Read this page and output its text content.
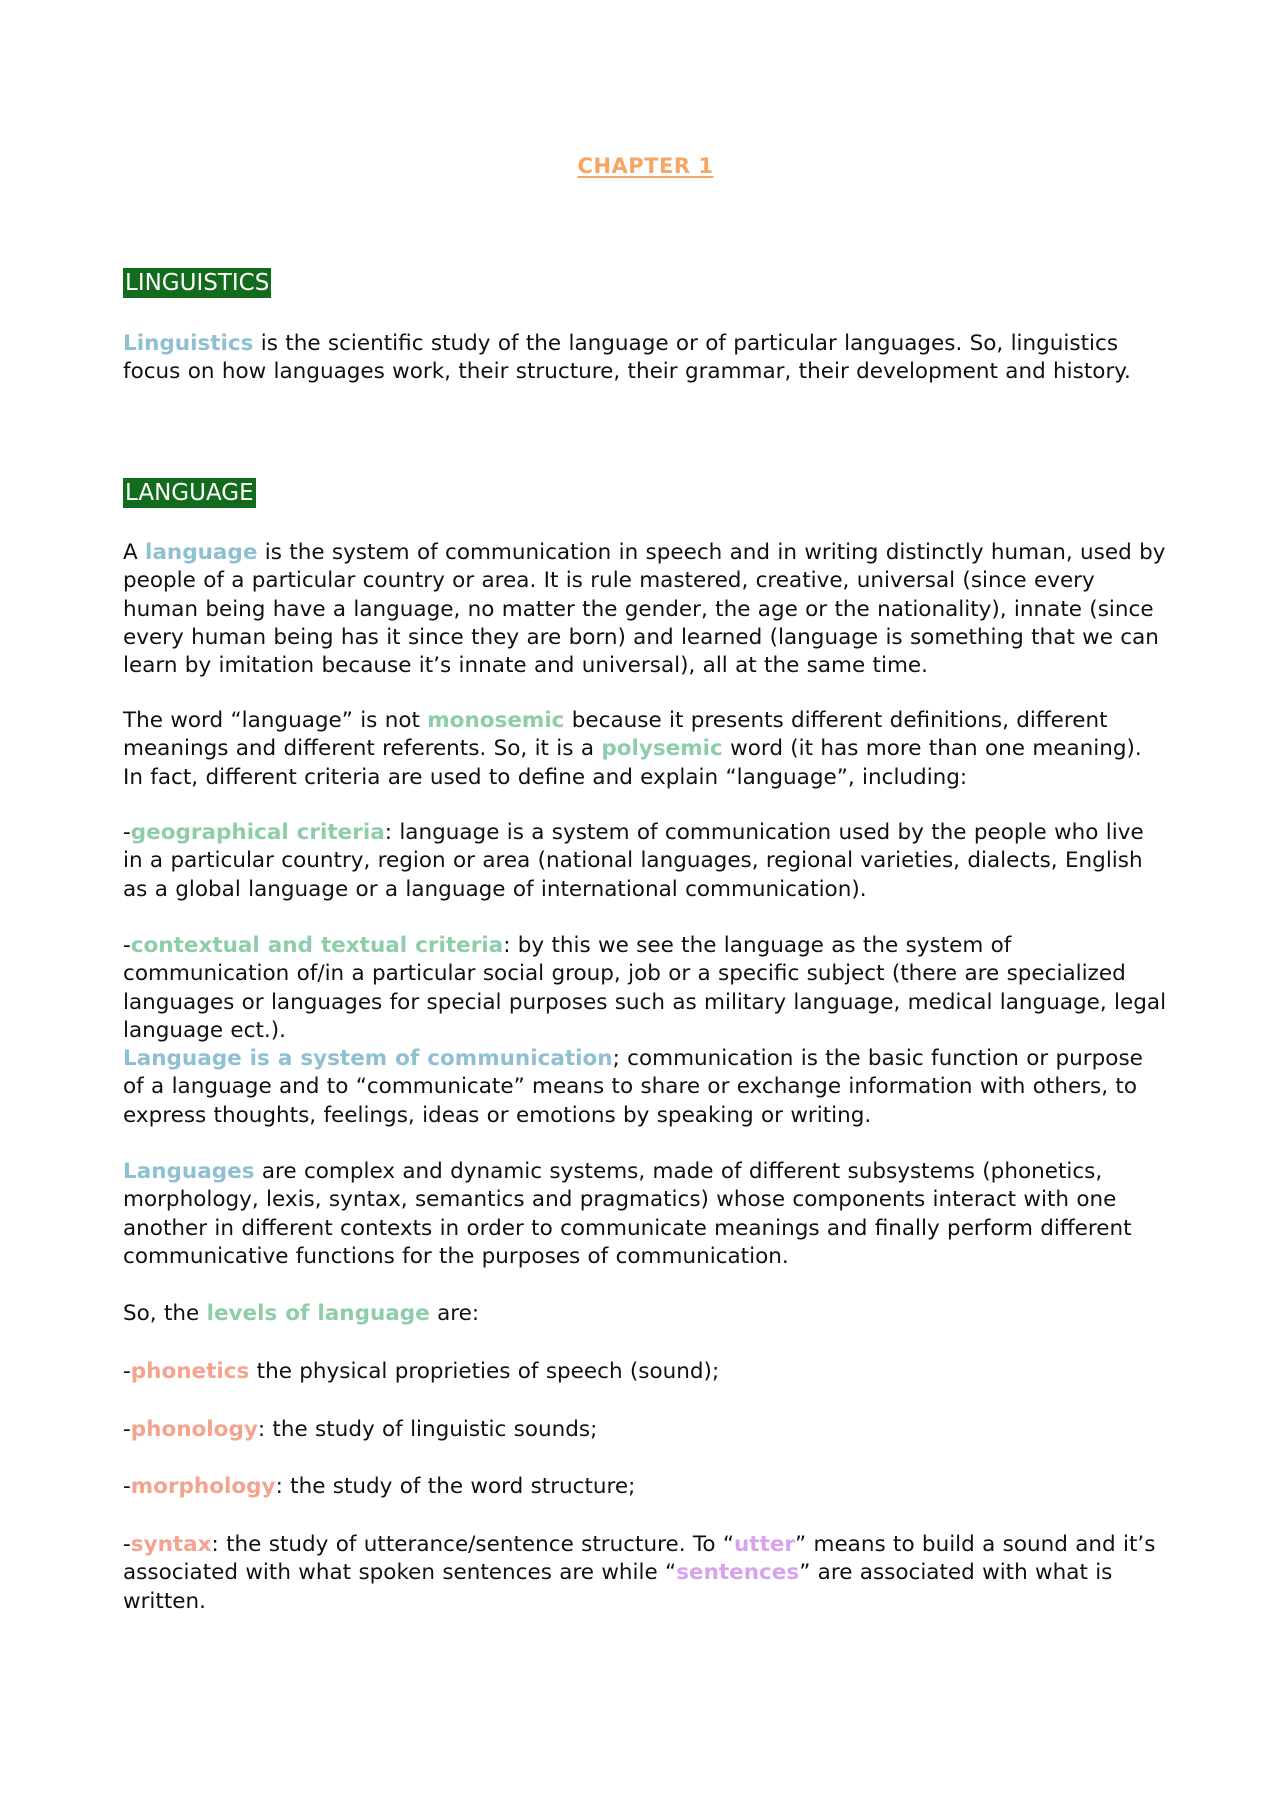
CHAPTER 1
LINGUISTICS

Linguistics is the scientific study of the language or of particular languages. So, linguistics focus on how languages work, their structure, their grammar, their development and history.

LANGUAGE

A language is the system of communication in speech and in writing distinctly human, used by people of a particular country or area. It is rule mastered, creative, universal (since every human being have a language, no matter the gender, the age or the nationality), innate (since every human being has it since they are born) and learned (language is something that we can learn by imitation because it’s innate and universal), all at the same time.

The word “language” is not monosemic because it presents different definitions, different meanings and different referents. So, it is a polysemic word (it has more than one meaning). In fact, different criteria are used to define and explain “language”, including:

-geographical criteria: language is a system of communication used by the people who live in a particular country, region or area (national languages, regional varieties, dialects, English as a global language or a language of international communication).

-contextual and textual criteria: by this we see the language as the system of communication of/in a particular social group, job or a specific subject (there are specialized languages or languages for special purposes such as military language, medical language, legal language ect.).

Language is a system of communication; communication is the basic function or purpose of a language and to “communicate” means to share or exchange information with others, to express thoughts, feelings, ideas or emotions by speaking or writing.

Languages are complex and dynamic systems, made of different subsystems (phonetics, morphology, lexis, syntax, semantics and pragmatics) whose components interact with one another in different contexts in order to communicate meanings and finally perform different communicative functions for the purposes of communication.

So, the levels of language are:

-phonetics the physical proprieties of speech (sound);

-phonology: the study of linguistic sounds;

-morphology: the study of the word structure;

-syntax: the study of utterance/sentence structure. To “utter” means to build a sound and it’s associated with what spoken sentences are while “sentences” are associated with what is written.
